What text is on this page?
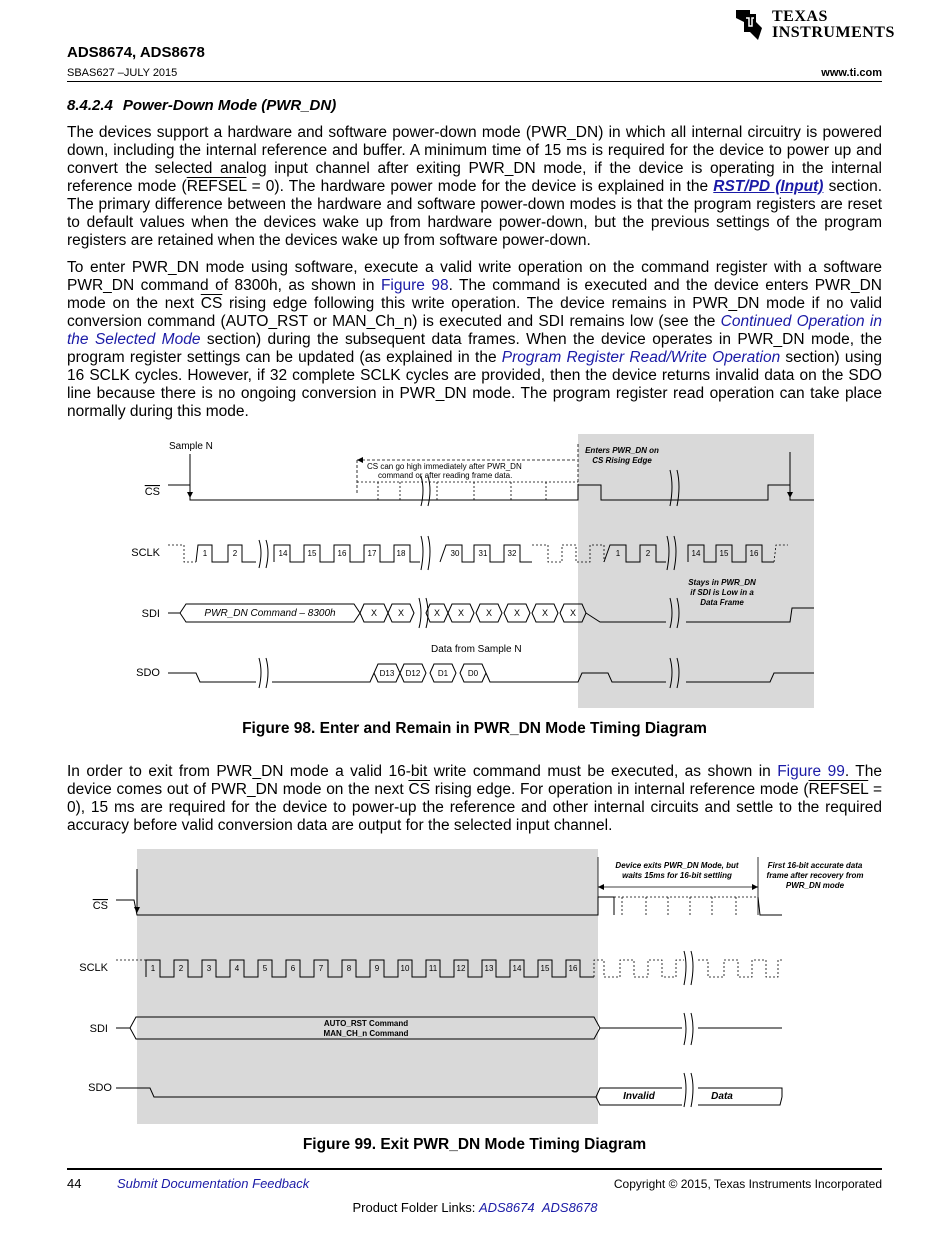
TEXAS
INSTRUMENTS
ADS8674, ADS8678
SBAS627 –JULY 2015	www.ti.com
8.4.2.4 Power-Down Mode (PWR_DN)
The devices support a hardware and software power-down mode (PWR_DN) in which all internal circuitry is powered down, including the internal reference and buffer. A minimum time of 15 ms is required for the device to power up and convert the selected analog input channel after exiting PWR_DN mode, if the device is operating in the internal reference mode (REFSEL = 0). The hardware power mode for the device is explained in the RST/PD (Input) section. The primary difference between the hardware and software power-down modes is that the program registers are reset to default values when the devices wake up from hardware power-down, but the previous settings of the program registers are retained when the devices wake up from software power-down.
To enter PWR_DN mode using software, execute a valid write operation on the command register with a software PWR_DN command of 8300h, as shown in Figure 98. The command is executed and the device enters PWR_DN mode on the next $\overline{CS}$ rising edge following this write operation. The device remains in PWR_DN mode if no valid conversion command (AUTO_RST or MAN_Ch_n) is executed and SDI remains low (see the Continued Operation in the Selected Mode section) during the subsequent data frames. When the device operates in PWR_DN mode, the program register settings can be updated (as explained in the Program Register Read/Write Operation section) using 16 SCLK cycles. However, if 32 complete SCLK cycles are provided, then the device returns invalid data on the SDO line because there is no ongoing conversion in PWR_DN mode. The program register read operation can take place normally during this mode.
CS
SCLK
SDI
SDO
Sample N
CS can go high immediately after PWR_DN
command or after reading frame data.
Enters PWR_DN on
CS Rising Edge
Stays in PWR_DN
if SDI is Low in a
Data Frame
Data from Sample N
1	2	14	15	16	17	18	30 31	32	1	2	14 15	16
PWR_DN Command – 8300h	X X	X X X X X X
D13 D12 D1 D0
Figure 98. Enter and Remain in PWR_DN Mode Timing Diagram
In order to exit from PWR_DN mode a valid 16-bit write command must be executed, as shown in Figure 99. The device comes out of PWR_DN mode on the next $\overline{CS}$ rising edge. For operation in internal reference mode (REFSEL = 0), 15 ms are required for the device to power-up the reference and other internal circuits and settle to the required accuracy before valid conversion data are output for the selected input channel.
CS
SCLK
SDI
SDO
Device exits PWR_DN Mode, but
waits 15ms for 16-bit settling
First 16-bit accurate data
frame after recovery from
PWR_DN mode
1	2	3	4	5	6	7	8	9	10 11 12 13 14 15 16
AUTO_RST Command
MAN_CH_n Command
Invalid	Data
Figure 99. Exit PWR_DN Mode Timing Diagram
44	Submit Documentation Feedback	Copyright © 2015, Texas Instruments Incorporated
Product Folder Links: ADS8674 ADS8678
